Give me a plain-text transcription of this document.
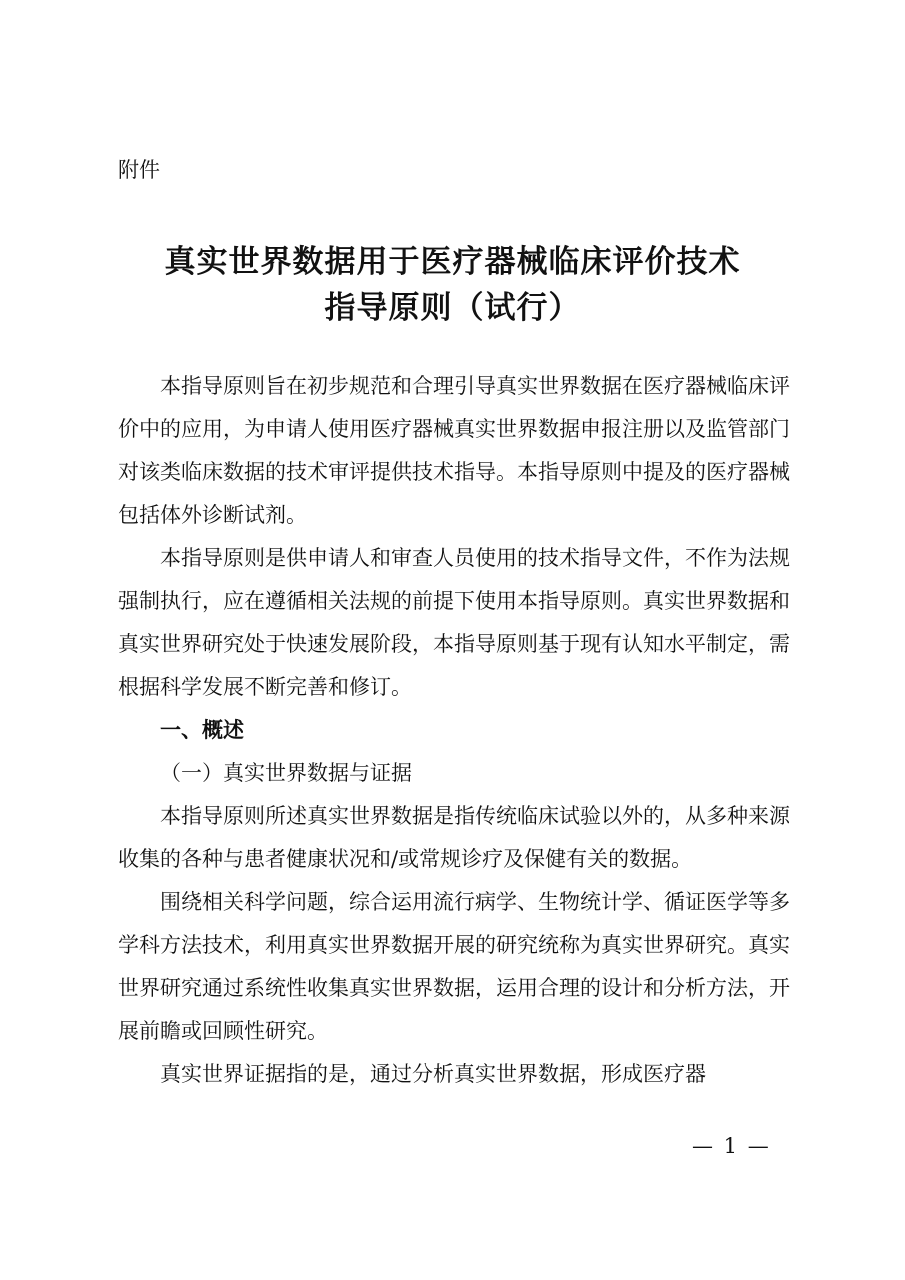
附件
真实世界数据用于医疗器械临床评价技术
指导原则（试行）

本指导原则旨在初步规范和合理引导真实世界数据在医疗器械临床评价中的应用，为申请人使用医疗器械真实世界数据申报注册以及监管部门对该类临床数据的技术审评提供技术指导。本指导原则中提及的医疗器械包括体外诊断试剂。

本指导原则是供申请人和审查人员使用的技术指导文件，不作为法规强制执行，应在遵循相关法规的前提下使用本指导原则。真实世界数据和真实世界研究处于快速发展阶段，本指导原则基于现有认知水平制定，需根据科学发展不断完善和修订。

一、概述
（一）真实世界数据与证据

本指导原则所述真实世界数据是指传统临床试验以外的，从多种来源收集的各种与患者健康状况和/或常规诊疗及保健有关的数据。

围绕相关科学问题，综合运用流行病学、生物统计学、循证医学等多学科方法技术，利用真实世界数据开展的研究统称为真实世界研究。真实世界研究通过系统性收集真实世界数据，运用合理的设计和分析方法，开展前瞻或回顾性研究。

真实世界证据指的是，通过分析真实世界数据，形成医疗器

— 1 —
